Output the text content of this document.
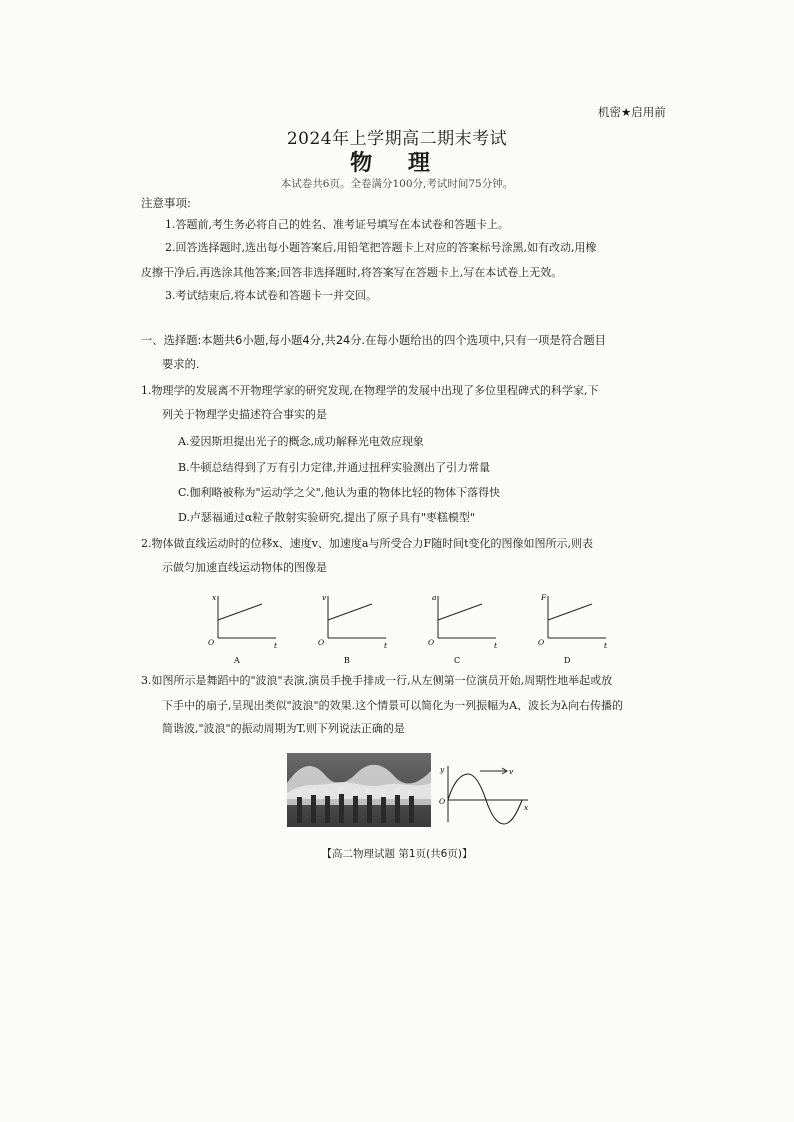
机密★启用前
2024年上学期高二期末考试
物 理
本试卷共6页。全卷满分100分,考试时间75分钟。
注意事项:
1.答题前,考生务必将自己的姓名、准考证号填写在本试卷和答题卡上。
2.回答选择题时,选出每小题答案后,用铅笔把答题卡上对应的答案标号涂黑,如有改动,用橡
皮擦干净后,再选涂其他答案;回答非选择题时,将答案写在答题卡上,写在本试卷上无效。
3.考试结束后,将本试卷和答题卡一并交回。
一、选择题:本题共6小题,每小题4分,共24分.在每小题给出的四个选项中,只有一项是符合题目
要求的.
1.物理学的发展离不开物理学家的研究发现,在物理学的发展中出现了多位里程碑式的科学家,下
列关于物理学史描述符合事实的是
A.爱因斯坦提出光子的概念,成功解释光电效应现象
B.牛顿总结得到了万有引力定律,并通过扭秤实验测出了引力常量
C.伽利略被称为"运动学之父",他认为重的物体比轻的物体下落得快
D.卢瑟福通过α粒子散射实验研究,提出了原子具有"枣糕模型"
2.物体做直线运动时的位移x、速度v、加速度a与所受合力F随时间t变化的图像如图所示,则表
示做匀加速直线运动物体的图像是
x
t
O
A
v
t
O
B
a
t
O
C
F
t
O
D
3.如图所示是舞蹈中的"波浪"表演,演员手挽手排成一行,从左侧第一位演员开始,周期性地举起或放
下手中的扇子,呈现出类似"波浪"的效果.这个情景可以简化为一列振幅为A、波长为λ向右传播的
简谐波,"波浪"的振动周期为T.则下列说法正确的是
y
x
O
v
【高二物理试题 第1页(共6页)】
